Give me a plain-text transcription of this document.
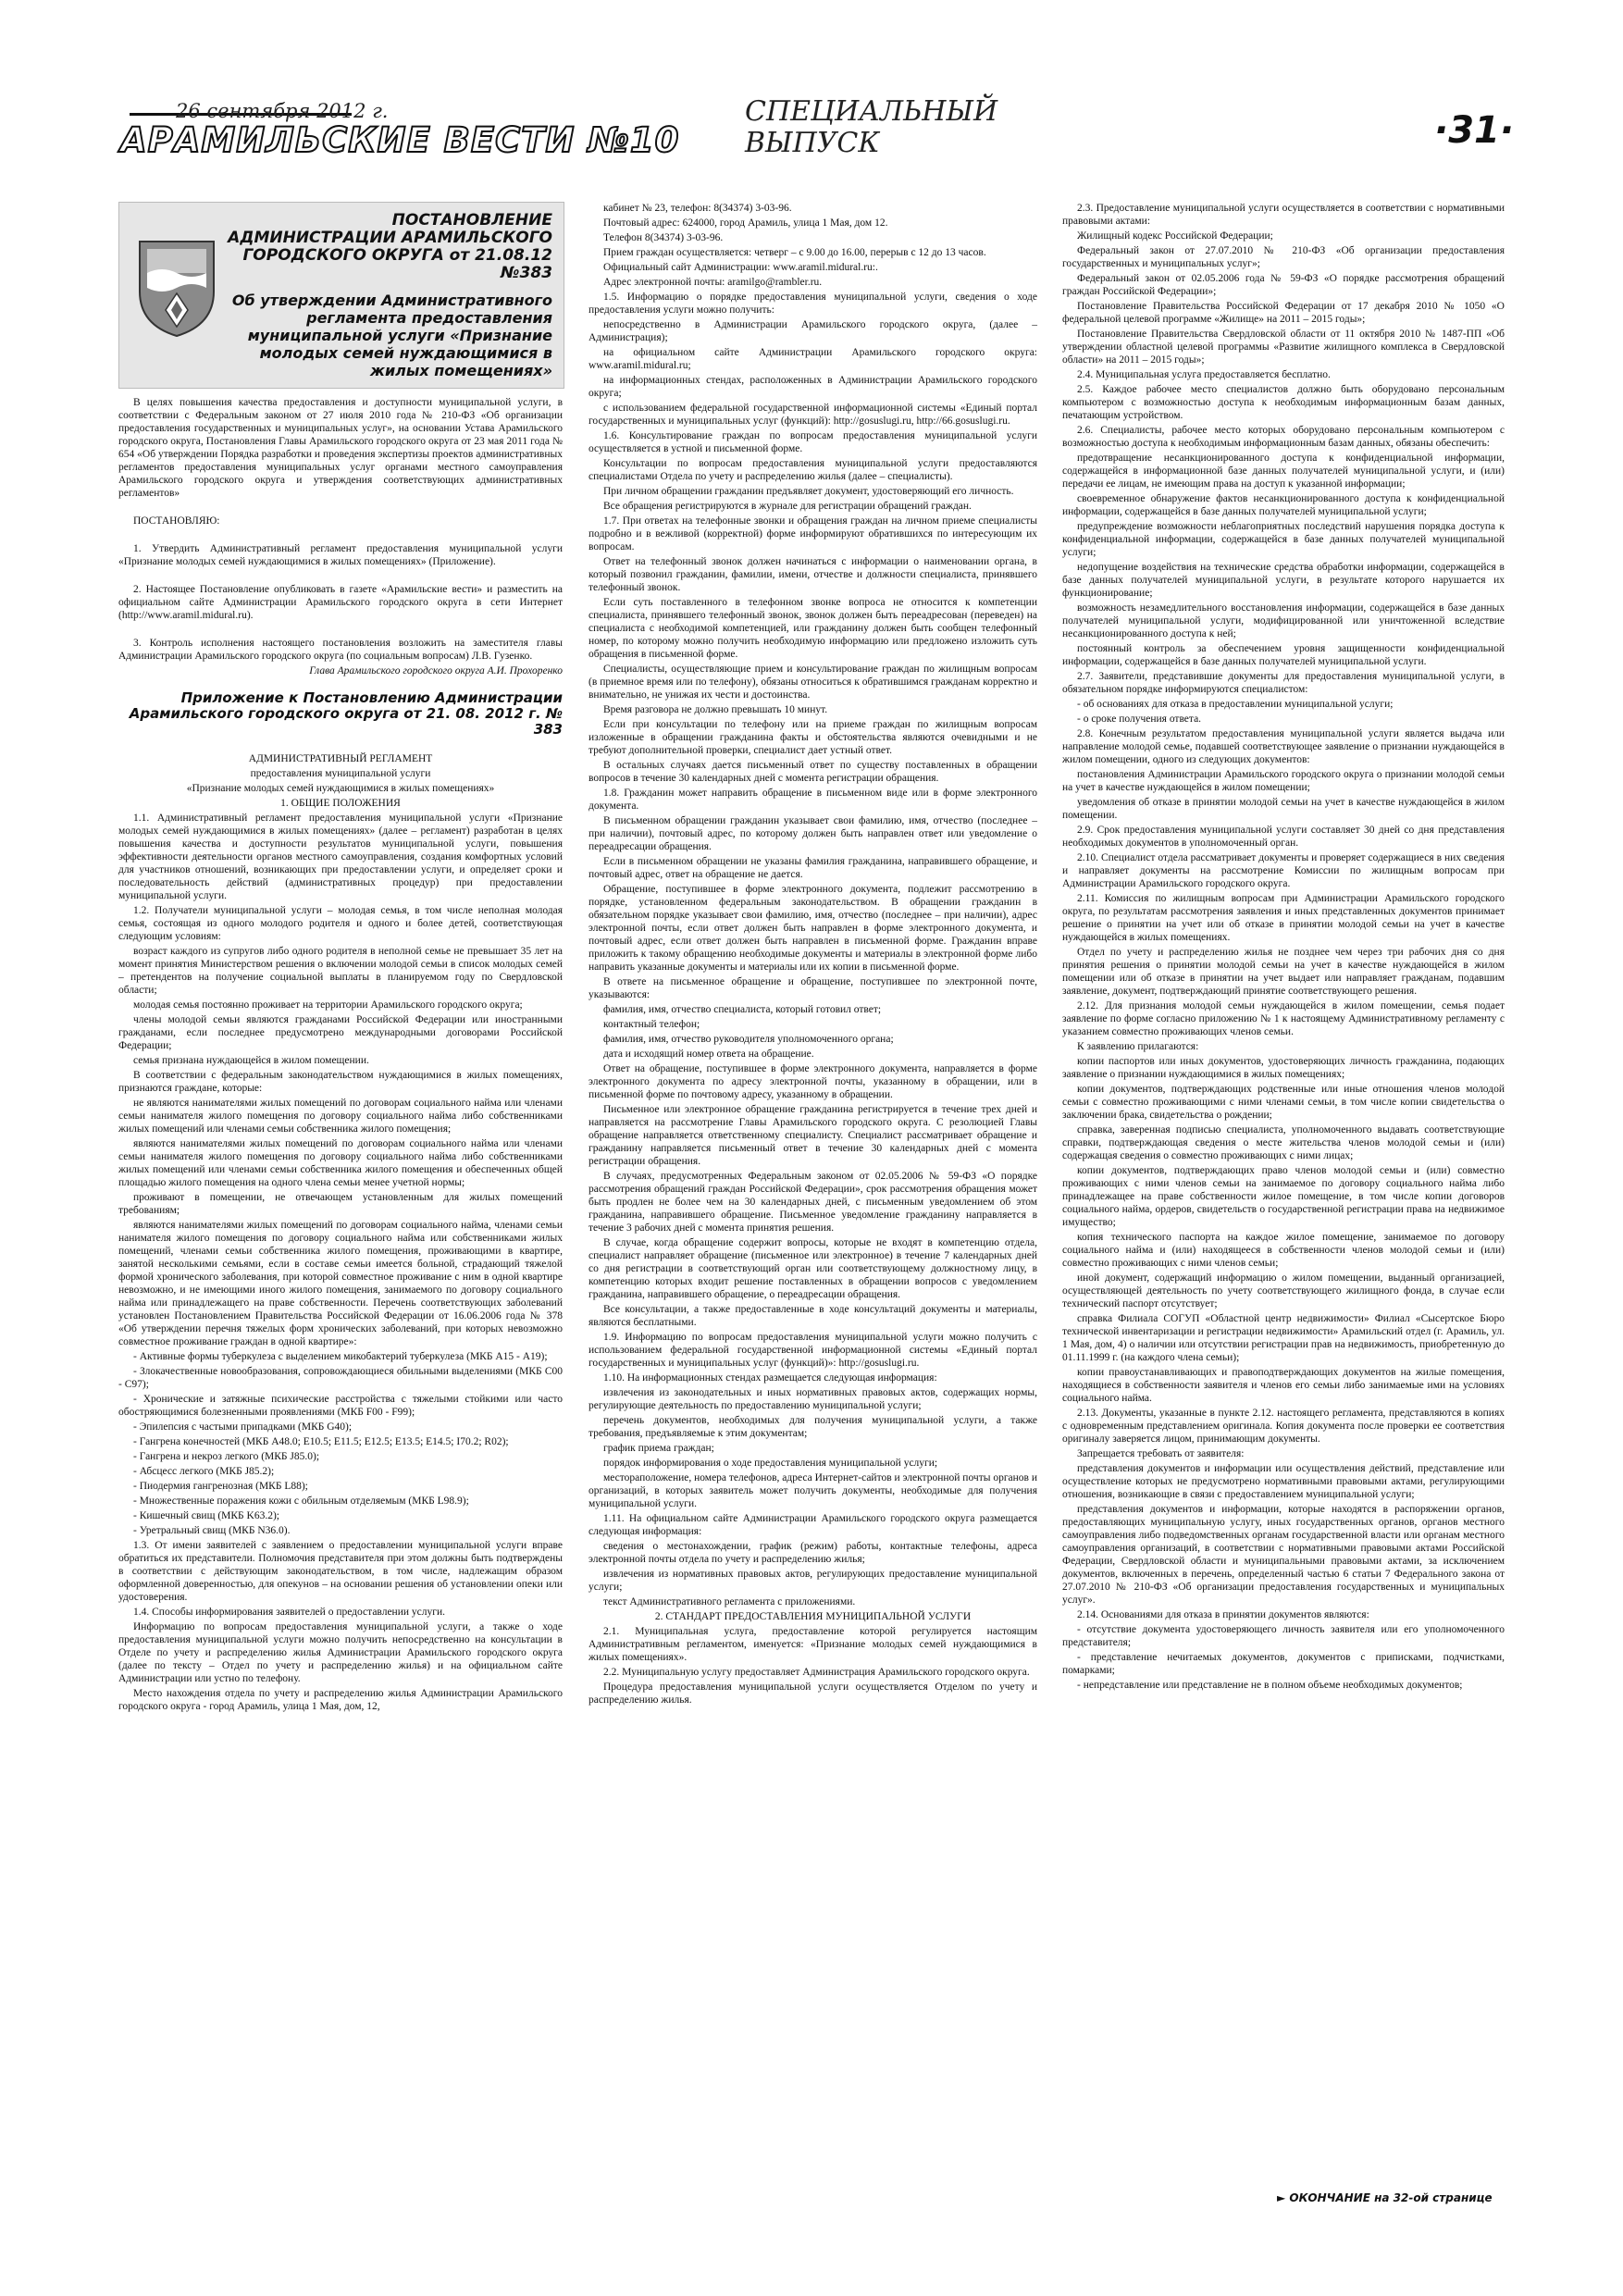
26 сентября 2012 г.
АРАМИЛЬСКИЕ ВЕСТИ №10
СПЕЦИАЛЬНЫЙ
ВЫПУСК	·31·
ПОСТАНОВЛЕНИЕ АДМИНИСТРАЦИИ АРАМИЛЬСКОГО ГОРОДСКОГО ОКРУГА от 21.08.12 №383
Об утверждении Административного регламента предоставления муниципальной услуги «Признание молодых семей нуждающимися в жилых помещениях»

В целях повышения качества предоставления и доступности муниципальной услуги, в соответствии с Федеральным законом от 27 июля 2010 года № 210-ФЗ «Об организации предоставления государственных и муниципальных услуг», на основании Устава Арамильского городского округа, Постановления Главы Арамильского городского округа от 23 мая 2011 года № 654 «Об утверждении Порядка разработки и проведения экспертизы проектов административных регламентов предоставления муниципальных услуг органами местного самоуправления Арамильского городского округа и утверждения соответствующих административных регламентов»

ПОСТАНОВЛЯЮ:

1. Утвердить Административный регламент предоставления муниципальной услуги «Признание молодых семей нуждающимися в жилых помещениях» (Приложение).

2. Настоящее Постановление опубликовать в газете «Арамильские вести» и разместить на официальном сайте Администрации Арамильского городского округа в сети Интернет (http://www.aramil.midural.ru).

3. Контроль исполнения настоящего постановления возложить на заместителя главы Администрации Арамильского городского округа (по социальным вопросам) Л.В. Гузенко.

Глава Арамильского городского округа А.И. Прохоренко

Приложение к Постановлению Администрации Арамильского городского округа от 21. 08. 2012 г. № 383

АДМИНИСТРАТИВНЫЙ РЕГЛАМЕНТ

предоставления муниципальной услуги

«Признание молодых семей нуждающимися в жилых помещениях»

1. ОБЩИЕ ПОЛОЖЕНИЯ

1.1. Административный регламент предоставления муниципальной услуги «Признание молодых семей нуждающимися в жилых помещениях» (далее – регламент) разработан в целях повышения качества и доступности результатов муниципальной услуги, повышения эффективности деятельности органов местного самоуправления, создания комфортных условий для участников отношений, возникающих при предоставлении услуги, и определяет сроки и последовательность действий (административных процедур) при предоставлении муниципальной услуги.

1.2. Получатели муниципальной услуги – молодая семья, в том числе неполная молодая семья, состоящая из одного молодого родителя и одного и более детей, соответствующая следующим условиям:

возраст каждого из супругов либо одного родителя в неполной семье не превышает 35 лет на момент принятия Министерством решения о включении молодой семьи в список молодых семей – претендентов на получение социальной выплаты в планируемом году по Свердловской области;

молодая семья постоянно проживает на территории Арамильского городского округа;

члены молодой семьи являются гражданами Российской Федерации или иностранными гражданами, если последнее предусмотрено международными договорами Российской Федерации;

семья признана нуждающейся в жилом помещении.

В соответствии с федеральным законодательством нуждающимися в жилых помещениях, признаются граждане, которые:

не являются нанимателями жилых помещений по договорам социального найма или членами семьи нанимателя жилого помещения по договору социального найма либо собственниками жилых помещений или членами семьи собственника жилого помещения;

являются нанимателями жилых помещений по договорам социального найма или членами семьи нанимателя жилого помещения по договору социального найма либо собственниками жилых помещений или членами семьи собственника жилого помещения и обеспеченных общей площадью жилого помещения на одного члена семьи менее учетной нормы;

проживают в помещении, не отвечающем установленным для жилых помещений требованиям;

являются нанимателями жилых помещений по договорам социального найма, членами семьи нанимателя жилого помещения по договору социального найма или собственниками жилых помещений, членами семьи собственника жилого помещения, проживающими в квартире, занятой несколькими семьями, если в составе семьи имеется больной, страдающий тяжелой формой хронического заболевания, при которой совместное проживание с ним в одной квартире невозможно, и не имеющими иного жилого помещения, занимаемого по договору социального найма или принадлежащего на праве собственности. Перечень соответствующих заболеваний установлен Постановлением Правительства Российской Федерации от 16.06.2006 года № 378 «Об утверждении перечня тяжелых форм хронических заболеваний, при которых невозможно совместное проживание граждан в одной квартире»:

- Активные формы туберкулеза с выделением микобактерий туберкулеза (МКБ А15 - А19);

- Злокачественные новообразования, сопровождающиеся обильными выделениями (МКБ С00 - С97);

- Хронические и затяжные психические расстройства с тяжелыми стойкими или часто обостряющимися болезненными проявлениями (МКБ F00 - F99);

- Эпилепсия с частыми припадками (МКБ G40);

- Гангрена конечностей (МКБ А48.0; Е10.5; Е11.5; Е12.5; Е13.5; Е14.5; I70.2; R02);

- Гангрена и некроз легкого (МКБ J85.0);

- Абсцесс легкого (МКБ J85.2);

- Пиодермия гангренозная (МКБ L88);

- Множественные поражения кожи с обильным отделяемым (МКБ L98.9);

- Кишечный свищ (МКБ K63.2);

- Уретральный свищ (МКБ N36.0).

1.3. От имени заявителей с заявлением о предоставлении муниципальной услуги вправе обратиться их представители. Полномочия представителя при этом должны быть подтверждены в соответствии с действующим законодательством, в том числе, надлежащим образом оформленной доверенностью, для опекунов – на основании решения об установлении опеки или удостоверения.

1.4. Способы информирования заявителей о предоставлении услуги.

Информацию по вопросам предоставления муниципальной услуги, а также о ходе предоставления муниципальной услуги можно получить непосредственно на консультации в Отделе по учету и распределению жилья Администрации Арамильского городского округа (далее по тексту – Отдел по учету и распределению жилья) и на официальном сайте Администрации или устно по телефону.

Место нахождения отдела по учету и распределению жилья Администрации Арамильского городского округа - город Арамиль, улица 1 Мая, дом, 12,

кабинет № 23, телефон: 8(34374) 3-03-96.

Почтовый адрес: 624000, город Арамиль, улица 1 Мая, дом 12.

Телефон 8(34374) 3-03-96.

Прием граждан осуществляется: четверг – с 9.00 до 16.00, перерыв с 12 до 13 часов.

Официальный сайт Администрации: www.aramil.midural.ru:.

Адрес электронной почты: aramilgo@rambler.ru.

1.5. Информацию о порядке предоставления муниципальной услуги, сведения о ходе предоставления услуги можно получить:

непосредственно в Администрации Арамильского городского округа, (далее – Администрация);

на официальном сайте Администрации Арамильского городского округа: www.aramil.midural.ru;

на информационных стендах, расположенных в Администрации Арамильского городского округа;

с использованием федеральной государственной информационной системы «Единый портал государственных и муниципальных услуг (функций): http://gosuslugi.ru, http://66.gosuslugi.ru.

1.6. Консультирование граждан по вопросам предоставления муниципальной услуги осуществляется в устной и письменной форме.

Консультации по вопросам предоставления муниципальной услуги предоставляются специалистами Отдела по учету и распределению жилья (далее – специалисты).

При личном обращении гражданин предъявляет документ, удостоверяющий его личность.

Все обращения регистрируются в журнале для регистрации обращений граждан.

1.7. При ответах на телефонные звонки и обращения граждан на личном приеме специалисты подробно и в вежливой (корректной) форме информируют обратившихся по интересующим их вопросам.

Ответ на телефонный звонок должен начинаться с информации о наименовании органа, в который позвонил гражданин, фамилии, имени, отчестве и должности специалиста, принявшего телефонный звонок.

Если суть поставленного в телефонном звонке вопроса не относится к компетенции специалиста, принявшего телефонный звонок, звонок должен быть переадресован (переведен) на специалиста с необходимой компетенцией, или гражданину должен быть сообщен телефонный номер, по которому можно получить необходимую информацию или предложено изложить суть обращения в письменной форме.

Специалисты, осуществляющие прием и консультирование граждан по жилищным вопросам (в приемное время или по телефону), обязаны относиться к обратившимся гражданам корректно и внимательно, не унижая их чести и достоинства.

Время разговора не должно превышать 10 минут.

Если при консультации по телефону или на приеме граждан по жилищным вопросам изложенные в обращении гражданина факты и обстоятельства являются очевидными и не требуют дополнительной проверки, специалист дает устный ответ.

В остальных случаях дается письменный ответ по существу поставленных в обращении вопросов в течение 30 календарных дней с момента регистрации обращения.

1.8. Гражданин может направить обращение в письменном виде или в форме электронного документа.

В письменном обращении гражданин указывает свои фамилию, имя, отчество (последнее – при наличии), почтовый адрес, по которому должен быть направлен ответ или уведомление о переадресации обращения.

Если в письменном обращении не указаны фамилия гражданина, направившего обращение, и почтовый адрес, ответ на обращение не дается.

Обращение, поступившее в форме электронного документа, подлежит рассмотрению в порядке, установленном федеральным законодательством. В обращении гражданин в обязательном порядке указывает свои фамилию, имя, отчество (последнее – при наличии), адрес электронной почты, если ответ должен быть направлен в форме электронного документа, и почтовый адрес, если ответ должен быть направлен в письменной форме. Гражданин вправе приложить к такому обращению необходимые документы и материалы в электронной форме либо направить указанные документы и материалы или их копии в письменной форме.

В ответе на письменное обращение и обращение, поступившее по электронной почте, указываются:

фамилия, имя, отчество специалиста, который готовил ответ;

контактный телефон;

фамилия, имя, отчество руководителя уполномоченного органа;

дата и исходящий номер ответа на обращение.

Ответ на обращение, поступившее в форме электронного документа, направляется в форме электронного документа по адресу электронной почты, указанному в обращении, или в письменной форме по почтовому адресу, указанному в обращении.

Письменное или электронное обращение гражданина регистрируется в течение трех дней и направляется на рассмотрение Главы Арамильского городского округа. С резолюцией Главы обращение направляется ответственному специалисту. Специалист рассматривает обращение и гражданину направляется письменный ответ в течение 30 календарных дней с момента регистрации обращения.

В случаях, предусмотренных Федеральным законом от 02.05.2006 № 59-ФЗ «О порядке рассмотрения обращений граждан Российской Федерации», срок рассмотрения обращения может быть продлен не более чем на 30 календарных дней, с письменным уведомлением об этом гражданина, направившего обращение. Письменное уведомление гражданину направляется в течение 3 рабочих дней с момента принятия решения.

В случае, когда обращение содержит вопросы, которые не входят в компетенцию отдела, специалист направляет обращение (письменное или электронное) в течение 7 календарных дней со дня регистрации в соответствующий орган или соответствующему должностному лицу, в компетенцию которых входит решение поставленных в обращении вопросов с уведомлением гражданина, направившего обращение, о переадресации обращения.

Все консультации, а также предоставленные в ходе консультаций документы и материалы, являются бесплатными.

1.9. Информацию по вопросам предоставления муниципальной услуги можно получить с использованием федеральной государственной информационной системы «Единый портал государственных и муниципальных услуг (функций)»: http://gosuslugi.ru.

1.10. На информационных стендах размещается следующая информация:

извлечения из законодательных и иных нормативных правовых актов, содержащих нормы, регулирующие деятельность по предоставлению муниципальной услуги;

перечень документов, необходимых для получения муниципальной услуги, а также требования, предъявляемые к этим документам;

график приема граждан;

порядок информирования о ходе предоставления муниципальной услуги;

местораположение, номера телефонов, адреса Интернет-сайтов и электронной почты органов и организаций, в которых заявитель может получить документы, необходимые для получения муниципальной услуги.

1.11. На официальном сайте Администрации Арамильского городского округа размещается следующая информация:

сведения о местонахождении, график (режим) работы, контактные телефоны, адреса электронной почты отдела по учету и распределению жилья;

извлечения из нормативных правовых актов, регулирующих предоставление муниципальной услуги;

текст Административного регламента с приложениями.

2. СТАНДАРТ ПРЕДОСТАВЛЕНИЯ МУНИЦИПАЛЬНОЙ УСЛУГИ

2.1. Муниципальная услуга, предоставление которой регулируется настоящим Административным регламентом, именуется: «Признание молодых семей нуждающимися в жилых помещениях».

2.2. Муниципальную услугу предоставляет Администрация Арамильского городского округа.

Процедура предоставления муниципальной услуги осуществляется Отделом по учету и распределению жилья.

2.3. Предоставление муниципальной услуги осуществляется в соответствии с нормативными правовыми актами:

Жилищный кодекс Российской Федерации;

Федеральный закон от 27.07.2010 № 210-ФЗ «Об организации предоставления государственных и муниципальных услуг»;

Федеральный закон от 02.05.2006 года № 59-ФЗ «О порядке рассмотрения обращений граждан Российской Федерации»;

Постановление Правительства Российской Федерации от 17 декабря 2010 № 1050 «О федеральной целевой программе «Жилище» на 2011 – 2015 годы»;

Постановление Правительства Свердловской области от 11 октября 2010 № 1487-ПП «Об утверждении областной целевой программы «Развитие жилищного комплекса в Свердловской области» на 2011 – 2015 годы»;

2.4. Муниципальная услуга предоставляется бесплатно.

2.5. Каждое рабочее место специалистов должно быть оборудовано персональным компьютером с возможностью доступа к необходимым информационным базам данных, печатающим устройством.

2.6. Специалисты, рабочее место которых оборудовано персональным компьютером с возможностью доступа к необходимым информационным базам данных, обязаны обеспечить:

предотвращение несанкционированного доступа к конфиденциальной информации, содержащейся в информационной базе данных получателей муниципальной услуги, и (или) передачи ее лицам, не имеющим права на доступ к указанной информации;

своевременное обнаружение фактов несанкционированного доступа к конфиденциальной информации, содержащейся в базе данных получателей муниципальной услуги;

предупреждение возможности неблагоприятных последствий нарушения порядка доступа к конфиденциальной информации, содержащейся в базе данных получателей муниципальной услуги;

недопущение воздействия на технические средства обработки информации, содержащейся в базе данных получателей муниципальной услуги, в результате которого нарушается их функционирование;

возможность незамедлительного восстановления информации, содержащейся в базе данных получателей муниципальной услуги, модифицированной или уничтоженной вследствие несанкционированного доступа к ней;

постоянный контроль за обеспечением уровня защищенности конфиденциальной информации, содержащейся в базе данных получателей муниципальной услуги.

2.7. Заявители, представившие документы для предоставления муниципальной услуги, в обязательном порядке информируются специалистом:

- об основаниях для отказа в предоставлении муниципальной услуги;

- о сроке получения ответа.

2.8. Конечным результатом предоставления муниципальной услуги является выдача или направление молодой семье, подавшей соответствующее заявление о признании нуждающейся в жилом помещении, одного из следующих документов:

постановления Администрации Арамильского городского округа о признании молодой семьи на учет в качестве нуждающейся в жилом помещении;

уведомления об отказе в принятии молодой семьи на учет в качестве нуждающейся в жилом помещении.

2.9. Срок предоставления муниципальной услуги составляет 30 дней со дня представления необходимых документов в уполномоченный орган.

2.10. Специалист отдела рассматривает документы и проверяет содержащиеся в них сведения и направляет документы на рассмотрение Комиссии по жилищным вопросам при Администрации Арамильского городского округа.

2.11. Комиссия по жилищным вопросам при Администрации Арамильского городского округа, по результатам рассмотрения заявления и иных представленных документов принимает решение о принятии на учет или об отказе в принятии молодой семьи на учет в качестве нуждающейся в жилых помещениях.

Отдел по учету и распределению жилья не позднее чем через три рабочих дня со дня принятия решения о принятии молодой семьи на учет в качестве нуждающейся в жилом помещении или об отказе в принятии на учет выдает или направляет гражданам, подавшим заявление, документ, подтверждающий принятие соответствующего решения.

2.12. Для признания молодой семьи нуждающейся в жилом помещении, семья подает заявление по форме согласно приложению № 1 к настоящему Административному регламенту с указанием совместно проживающих членов семьи.

К заявлению прилагаются:

копии паспортов или иных документов, удостоверяющих личность гражданина, подающих заявление о признании нуждающимися в жилых помещениях;

копии документов, подтверждающих родственные или иные отношения членов молодой семьи с совместно проживающими с ними членами семьи, в том числе копии свидетельства о заключении брака, свидетельства о рождении;

справка, заверенная подписью специалиста, уполномоченного выдавать соответствующие справки, подтверждающая сведения о месте жительства членов молодой семьи и (или) содержащая сведения о совместно проживающих с ними лицах;

копии документов, подтверждающих право членов молодой семьи и (или) совместно проживающих с ними членов семьи на занимаемое по договору социального найма либо принадлежащее на праве собственности жилое помещение, в том числе копии договоров социального найма, ордеров, свидетельств о государственной регистрации права на недвижимое имущество;

копия технического паспорта на каждое жилое помещение, занимаемое по договору социального найма и (или) находящееся в собственности членов молодой семьи и (или) совместно проживающих с ними членов семьи;

иной документ, содержащий информацию о жилом помещении, выданный организацией, осуществляющей деятельность по учету соответствующего жилищного фонда, в случае если технический паспорт отсутствует;

справка Филиала СОГУП «Областной центр недвижимости» Филиал «Сысертское Бюро технической инвентаризации и регистрации недвижимости» Арамильский отдел (г. Арамиль, ул. 1 Мая, дом, 4) о наличии или отсутствии регистрации прав на недвижимость, приобретенную до 01.11.1999 г. (на каждого члена семьи);

копии правоустанавливающих и правоподтверждающих документов на жилые помещения, находящиеся в собственности заявителя и членов его семьи либо занимаемые ими на условиях социального найма.

2.13. Документы, указанные в пункте 2.12. настоящего регламента, представляются в копиях с одновременным представлением оригинала. Копия документа после проверки ее соответствия оригиналу заверяется лицом, принимающим документы.

Запрещается требовать от заявителя:

представления документов и информации или осуществления действий, представление или осуществление которых не предусмотрено нормативными правовыми актами, регулирующими отношения, возникающие в связи с предоставлением муниципальной услуги;

представления документов и информации, которые находятся в распоряжении органов, предоставляющих муниципальную услугу, иных государственных органов, органов местного самоуправления либо подведомственных органам государственной власти или органам местного самоуправления организаций, в соответствии с нормативными правовыми актами Российской Федерации, Свердловской области и муниципальными правовыми актами, за исключением документов, включенных в перечень, определенный частью 6 статьи 7 Федерального закона от 27.07.2010 № 210-ФЗ «Об организации предоставления государственных и муниципальных услуг».

2.14. Основаниями для отказа в принятии документов являются:

- отсутствие документа удостоверяющего личность заявителя или его уполномоченного представителя;

- представление нечитаемых документов, документов с приписками, подчистками, помарками;

- непредставление или представление не в полном объеме необходимых документов;

► ОКОНЧАНИЕ на 32-ой странице
